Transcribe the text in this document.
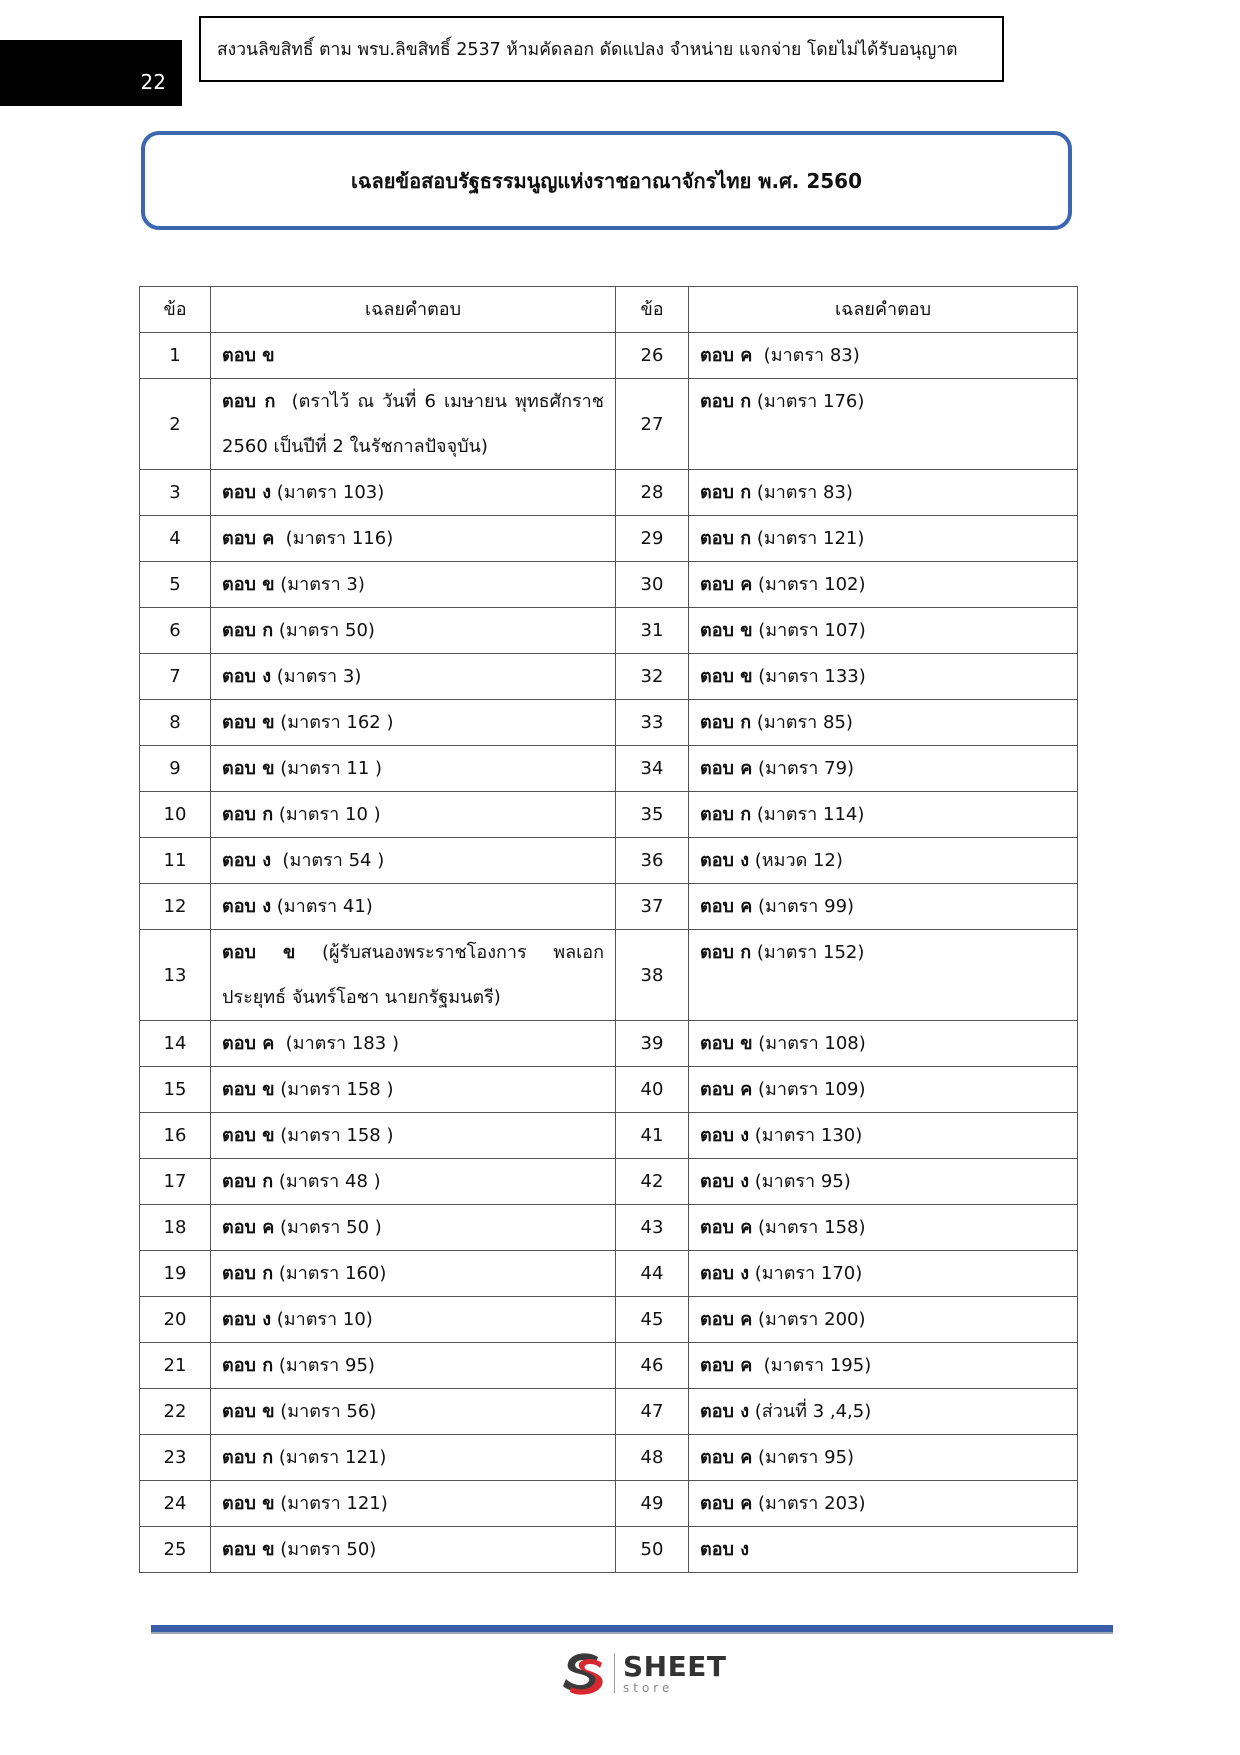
22
สงวนลิขสิทธิ์ ตาม พรบ.ลิขสิทธิ์ 2537 ห้ามคัดลอก ดัดแปลง จำหน่าย แจกจ่าย โดยไม่ได้รับอนุญาต
เฉลยข้อสอบรัฐธรรมนูญแห่งราชอาณาจักรไทย พ.ศ. 2560
ข้อ	เฉลยคำตอบ	ข้อ	เฉลยคำตอบ
1	ตอบ ข	26	ตอบ ค  (มาตรา 83)
2	ตอบ ก  (ตราไว้ ณ วันที่ 6 เมษายน พุทธศักราช 2560 เป็นปีที่ 2 ในรัชกาลปัจจุบัน)	27	ตอบ ก (มาตรา 176)
3	ตอบ ง (มาตรา 103)	28	ตอบ ก (มาตรา 83)
4	ตอบ ค  (มาตรา 116)	29	ตอบ ก (มาตรา 121)
5	ตอบ ข (มาตรา 3)	30	ตอบ ค (มาตรา 102)
6	ตอบ ก (มาตรา 50)	31	ตอบ ข (มาตรา 107)
7	ตอบ ง (มาตรา 3)	32	ตอบ ข (มาตรา 133)
8	ตอบ ข (มาตรา 162 )	33	ตอบ ก (มาตรา 85)
9	ตอบ ข (มาตรา 11 )	34	ตอบ ค (มาตรา 79)
10	ตอบ ก (มาตรา 10 )	35	ตอบ ก (มาตรา 114)
11	ตอบ ง  (มาตรา 54 )	36	ตอบ ง (หมวด 12)
12	ตอบ ง (มาตรา 41)	37	ตอบ ค (มาตรา 99)
13	ตอบ ข (ผู้รับสนองพระราชโองการ พลเอก ประยุทธ์ จันทร์โอชา นายกรัฐมนตรี)	38	ตอบ ก (มาตรา 152)
14	ตอบ ค  (มาตรา 183 )	39	ตอบ ข (มาตรา 108)
15	ตอบ ข (มาตรา 158 )	40	ตอบ ค (มาตรา 109)
16	ตอบ ข (มาตรา 158 )	41	ตอบ ง (มาตรา 130)
17	ตอบ ก (มาตรา 48 )	42	ตอบ ง (มาตรา 95)
18	ตอบ ค (มาตรา 50 )	43	ตอบ ค (มาตรา 158)
19	ตอบ ก (มาตรา 160)	44	ตอบ ง (มาตรา 170)
20	ตอบ ง (มาตรา 10)	45	ตอบ ค (มาตรา 200)
21	ตอบ ก (มาตรา 95)	46	ตอบ ค  (มาตรา 195)
22	ตอบ ข (มาตรา 56)	47	ตอบ ง (ส่วนที่ 3 ,4,5)
23	ตอบ ก (มาตรา 121)	48	ตอบ ค (มาตรา 95)
24	ตอบ ข (มาตรา 121)	49	ตอบ ค (มาตรา 203)
25	ตอบ ข (มาตรา 50)	50	ตอบ ง
SHEET
store
